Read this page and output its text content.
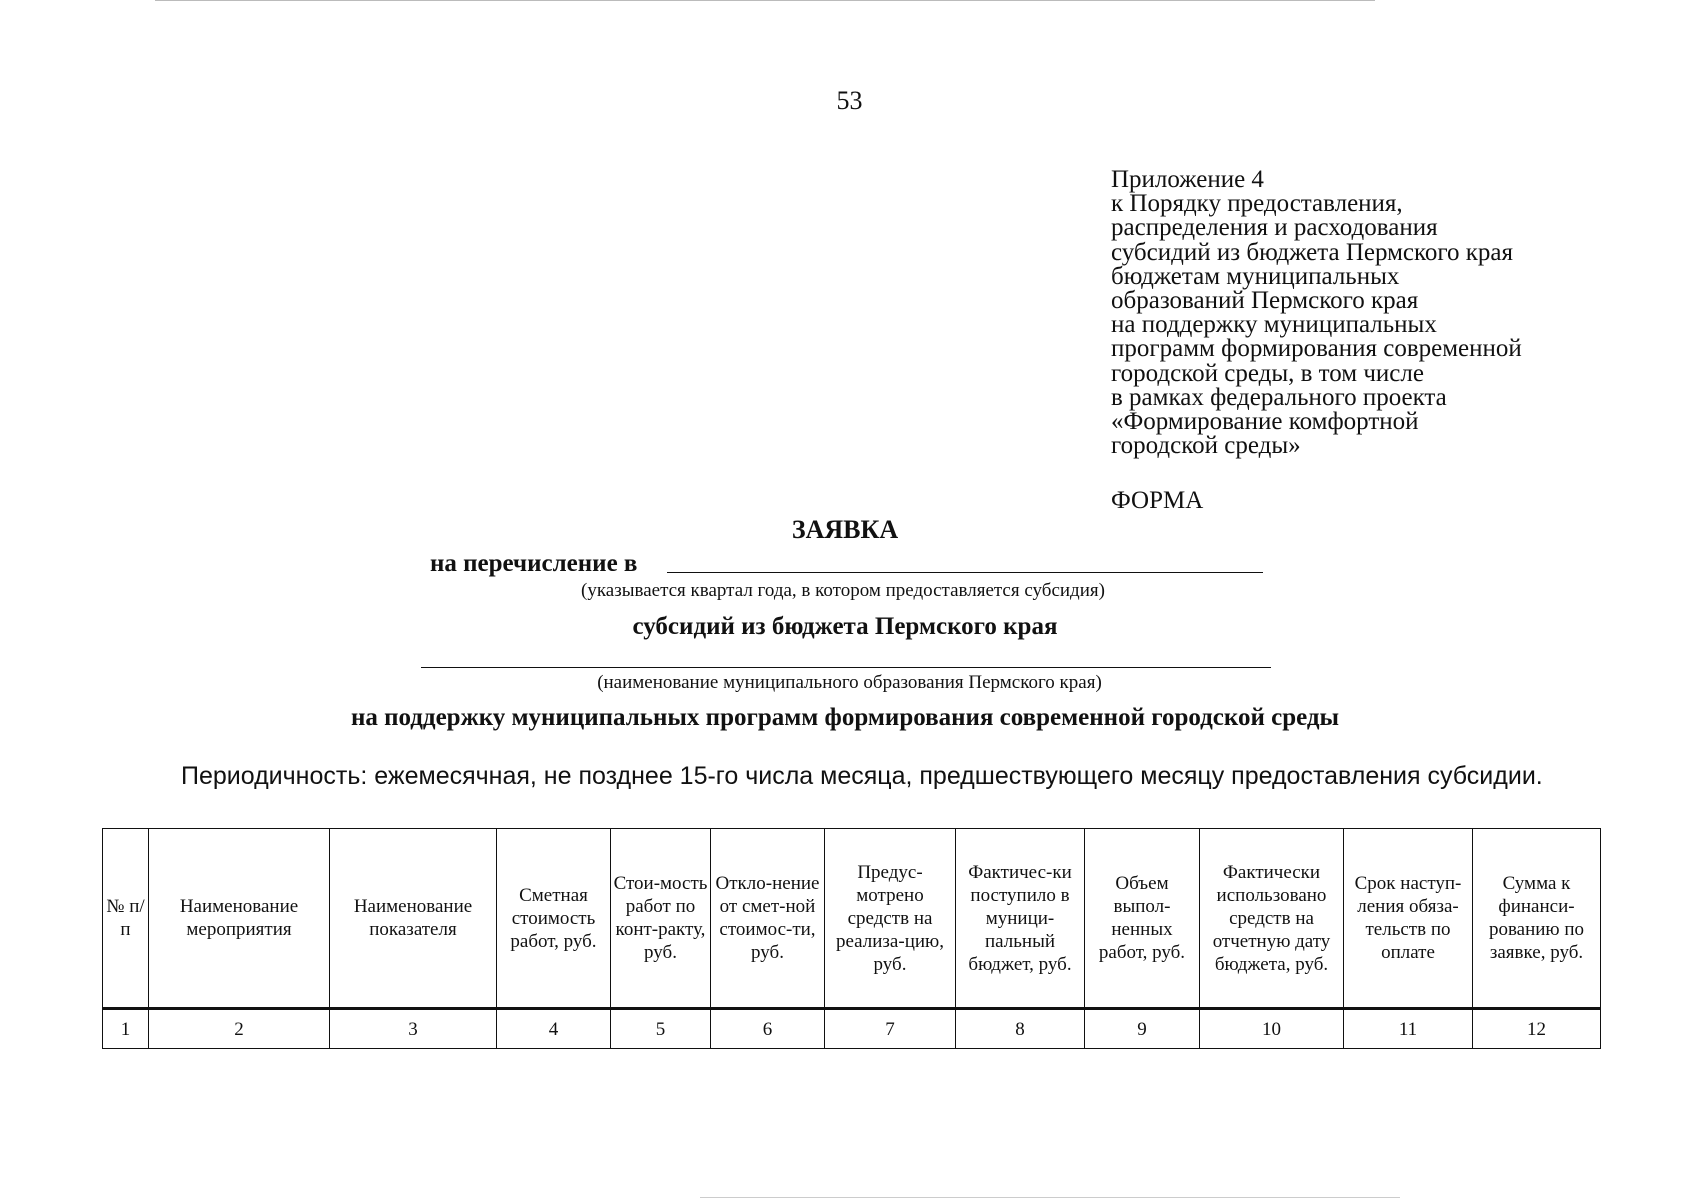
53
Приложение 4
к Порядку предоставления,
распределения и расходования
субсидий из бюджета Пермского края
бюджетам муниципальных
образований Пермского края
на поддержку муниципальных
программ формирования современной
городской среды, в том числе
в рамках федерального проекта
«Формирование комфортной
городской среды»
ФОРМА
ЗАЯВКА
на перечисление в
(указывается квартал года, в котором предоставляется субсидия)
субсидий из бюджета Пермского края
(наименование муниципального образования Пермского края)
на поддержку муниципальных программ формирования современной городской среды
Периодичность: ежемесячная, не позднее 15-го числа месяца, предшествующего месяцу предоставления субсидии.
№ п/п	Наименование мероприятия	Наименование показателя	Сметная стоимость работ, руб.	Стои-мость работ по конт-ракту, руб.	Откло-нение от смет-ной стоимос-ти, руб.	Предус-мотрено средств на реализа-цию, руб.	Фактичес-ки поступило в муници-пальный бюджет, руб.	Объем выпол-ненных работ, руб.	Фактически использовано средств на отчетную дату бюджета, руб.	Срок наступ-ления обяза-тельств по оплате	Сумма к финанси-рованию по заявке, руб.
1	2	3	4	5	6	7	8	9	10	11	12
